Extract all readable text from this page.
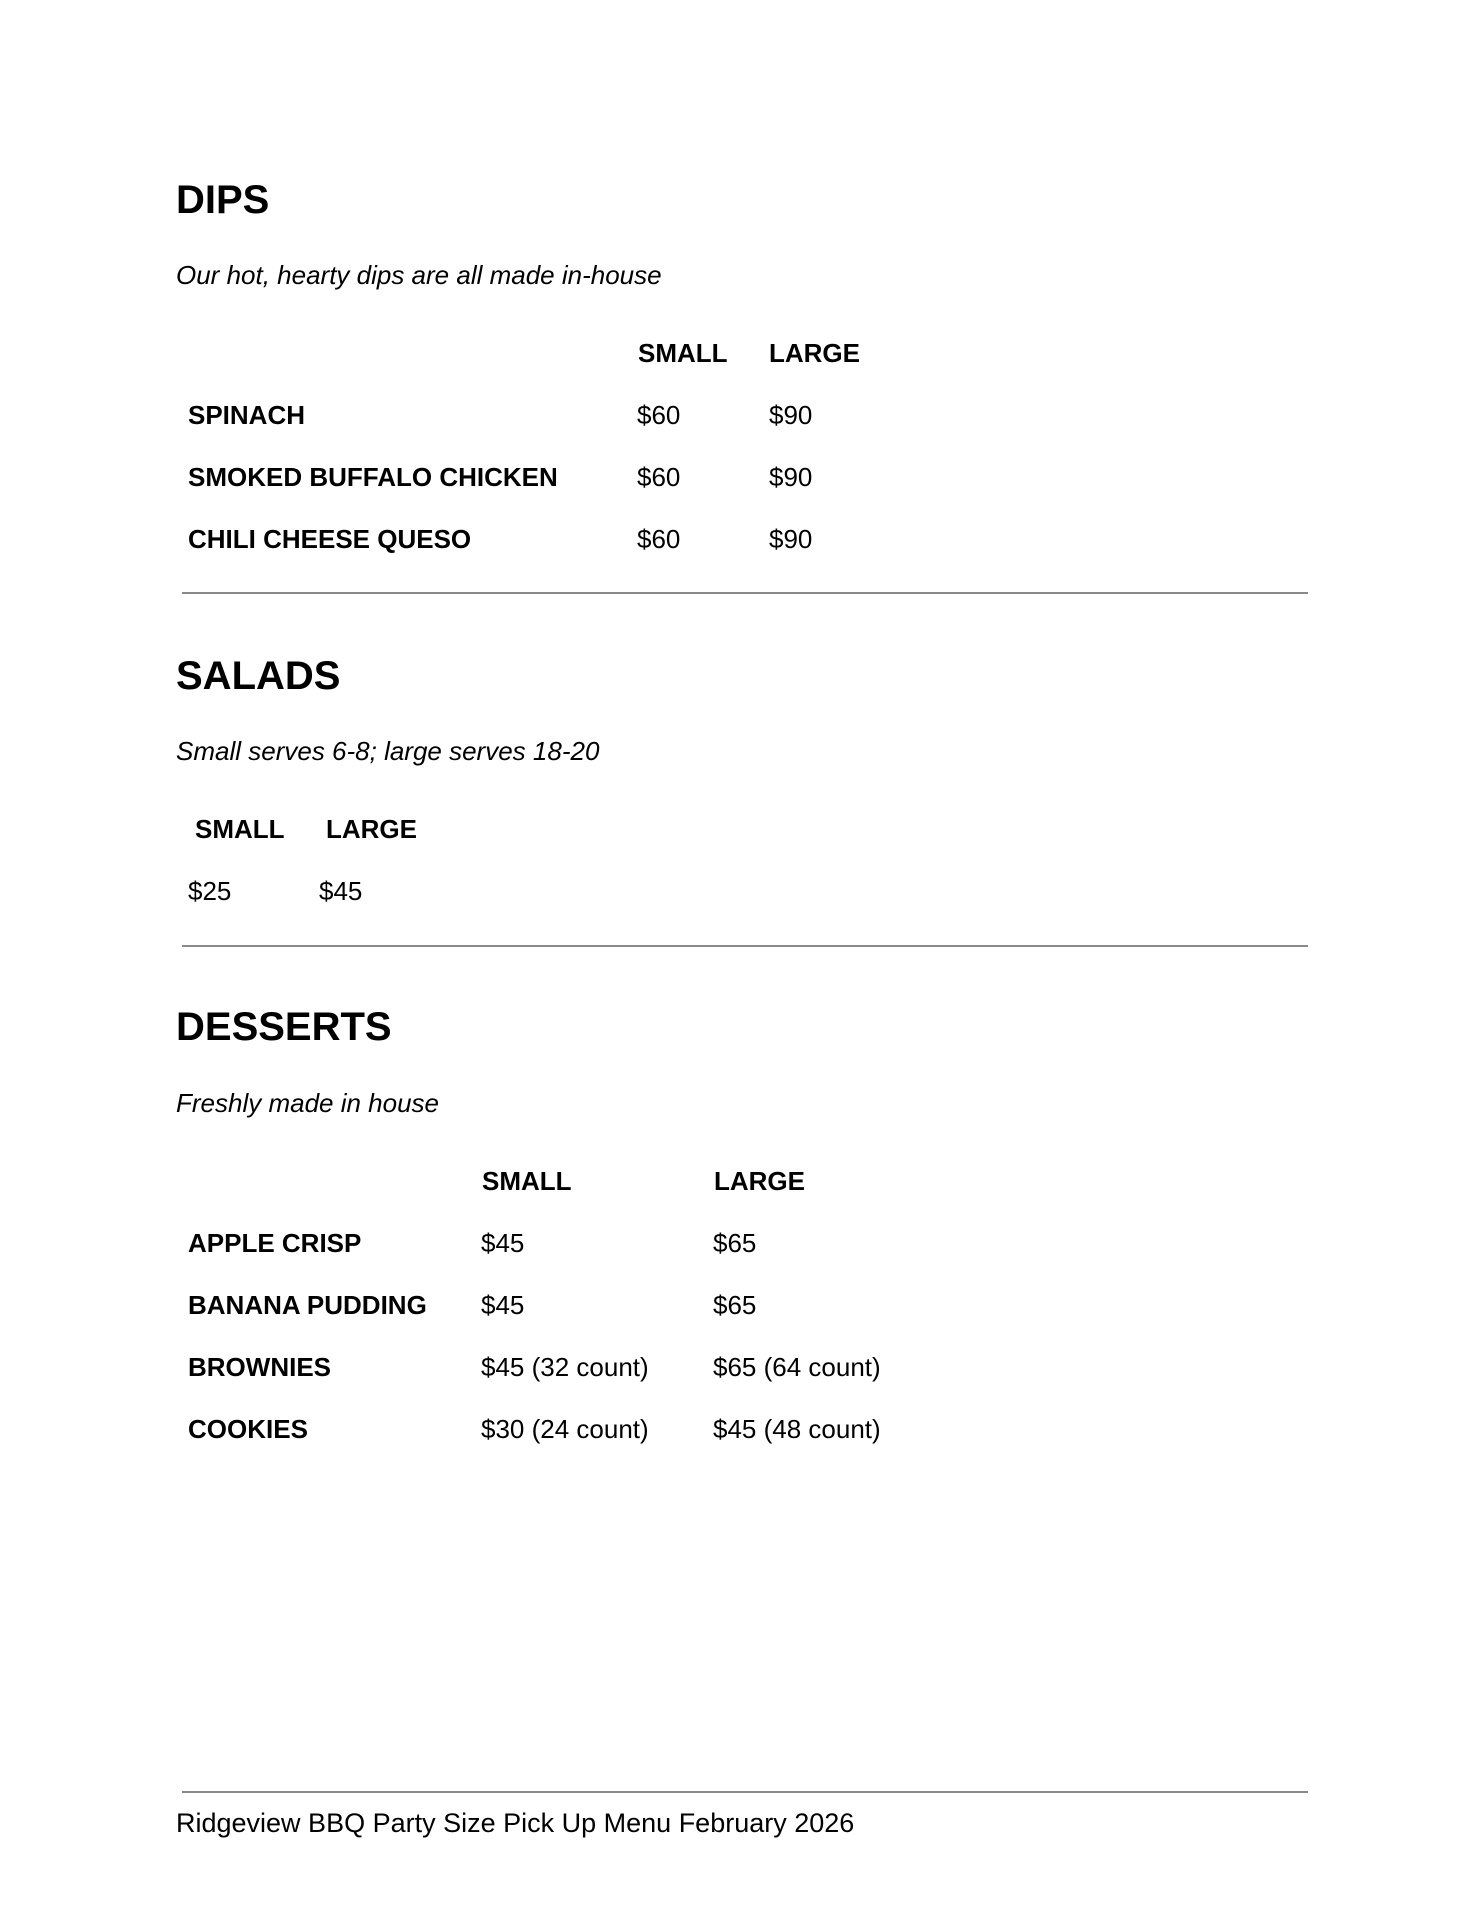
DIPS
Our hot, hearty dips are all made in-house
SMALL LARGE
SPINACH	$60	$90
SMOKED BUFFALO CHICKEN	$60	$90
CHILI CHEESE QUESO	$60	$90
SALADS
Small serves 6-8; large serves 18-20
SMALL LARGE
$25	$45
DESSERTS
Freshly made in house
SMALL	LARGE
APPLE CRISP	$45	$65
BANANA PUDDING $45	$65
BROWNIES	$45 (32 count) $65 (64 count)
COOKIES	$30 (24 count) $45 (48 count)
Ridgeview BBQ Party Size Pick Up Menu February 2026
